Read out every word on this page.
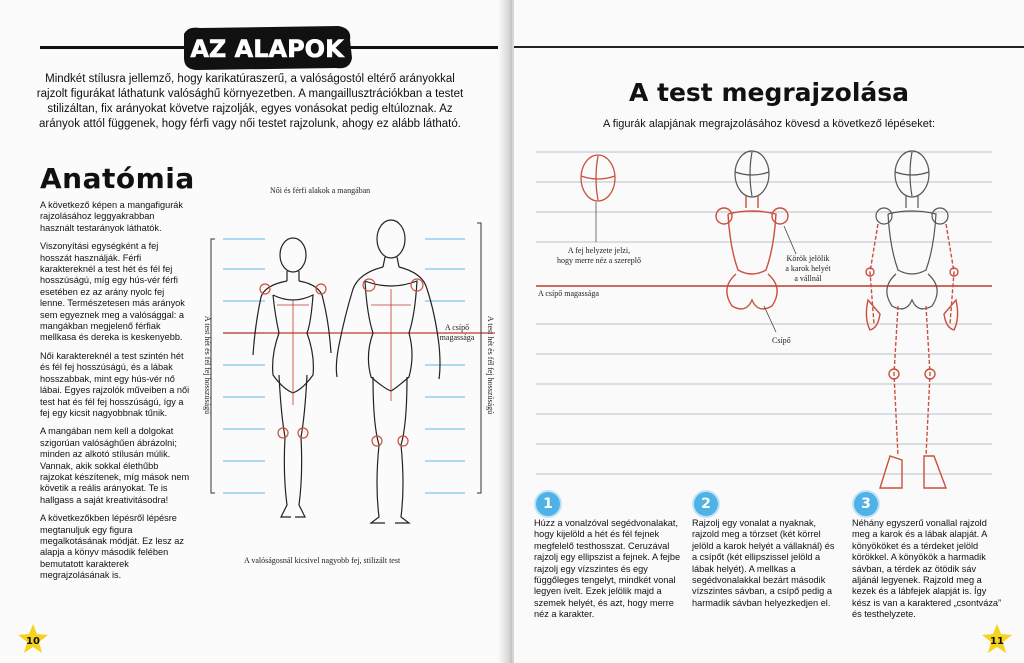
AZ ALAPOK
Mindkét stílusra jellemző, hogy karikatúraszerű, a valóságostól eltérő arányokkal rajzolt figurákat láthatunk valósághű környezetben. A mangaillusztrációkban a testet stilizáltan, fix arányokat követve rajzolják, egyes vonásokat pedig eltúloznak. Az arányok attól függenek, hogy férfi vagy női testet rajzolunk, ahogy ez alább látható.
Anatómia

A következő képen a mangafigurák rajzolásához leggyakrabban használt testarányok láthatók.

Viszonyítási egységként a fej hosszát használják. Férfi karaktereknél a test hét és fél fej hosszúságú, míg egy hús-vér férfi esetében ez az arány nyolc fej lenne. Természetesen más arányok sem egyeznek meg a valósággal: a mangákban megjelenő férfiak mellkasa és dereka is keskenyebb.

Női karaktereknél a test szintén hét és fél fej hosszúságú, és a lábak hosszabbak, mint egy hús-vér nő lábai. Egyes rajzolók műveiben a női test hat és fél fej hosszúságú, így a fej egy kicsit nagyobbnak tűnik.

A mangában nem kell a dolgokat szigorúan valósághűen ábrázolni; minden az alkotó stílusán múlik. Vannak, akik sokkal élethűbb rajzokat készítenek, míg mások nem követik a reális arányokat. Te is hallgass a saját kreativitásodra!

A következőkben lépésről lépésre megtanuljuk egy figura megalkotásának módját. Ez lesz az alapja a könyv második felében bemutatott karakterek megrajzolásának is.

Női és férfi alakok a mangában
A test hét és fél fej hosszúságú	A test hét és fél fej hosszúságú
A csípő
magassága
A valóságosnál kicsivel nagyobb fej, stilizált test
10
A test megrajzolása
A figurák alapjának megrajzolásához kövesd a következő lépéseket:
A fej helyzete jelzi,
hogy merre néz a szereplő
A csípő magassága
Körök jelölik
a karok helyét
a vállnál
Csípő
1

Húzz a vonalzóval segédvonalakat, hogy kijelöld a hét és fél fejnek megfelelő testhosszat. Ceruzával rajzolj egy ellipszist a fejnek. A fejbe rajzolj egy vízszintes és egy függőleges tengelyt, mindkét vonal legyen ívelt. Ezek jelölik majd a szemek helyét, és azt, hogy merre néz a karakter.

2

Rajzolj egy vonalat a nyaknak, rajzold meg a törzset (két körrel jelöld a karok helyét a vállaknál) és a csípőt (két ellipszissel jelöld a lábak helyét). A mellkas a segédvonalakkal bezárt második vízszintes sávban, a csípő pedig a harmadik sávban helyezkedjen el.

3

Néhány egyszerű vonallal rajzold meg a karok és a lábak alapját. A könyököket és a térdeket jelöld körökkel. A könyökök a harmadik sávban, a térdek az ötödik sáv aljánál legyenek. Rajzold meg a kezek és a lábfejek alapját is. Így kész is van a karaktered „csontváza” és testhelyzete.

11
